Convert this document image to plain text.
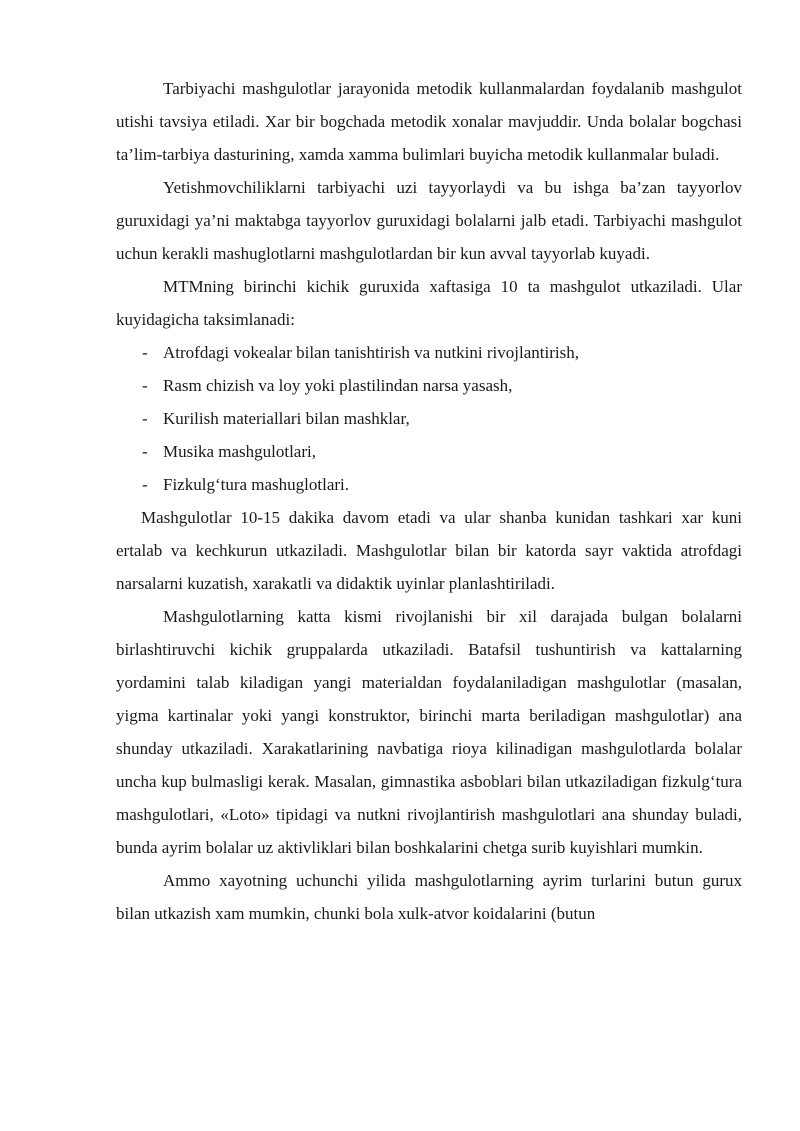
Tarbiyachi mashgulotlar jarayonida metodik kullanmalardan foydalanib mashgulot utishi tavsiya etiladi. Xar bir bogchada metodik xonalar mavjuddir. Unda bolalar bogchasi ta’lim-tarbiya dasturining, xamda xamma bulimlari buyicha metodik kullanmalar buladi.

Yetishmovchiliklarni tarbiyachi uzi tayyorlaydi va bu ishga ba’zan tayyorlov guruxidagi ya’ni maktabga tayyorlov guruxidagi bolalarni jalb etadi. Tarbiyachi mashgulot uchun kerakli mashuglotlarni mashgulotlardan bir kun avval tayyorlab kuyadi.

MTMning birinchi kichik guruxida xaftasiga 10 ta mashgulot utkaziladi. Ular kuyidagicha taksimlanadi:

- Atrofdagi vokealar bilan tanishtirish va nutkini rivojlantirish,
- Rasm chizish va loy yoki plastilindan narsa yasash,
- Kurilish materiallari bilan mashklar,
- Musika mashgulotlari,
- Fizkulg‘tura mashuglotlari.

Mashgulotlar 10-15 dakika davom etadi va ular shanba kunidan tashkari xar kuni ertalab va kechkurun utkaziladi. Mashgulotlar bilan bir katorda sayr vaktida atrofdagi narsalarni kuzatish, xarakatli va didaktik uyinlar planlashtiriladi.

Mashgulotlarning katta kismi rivojlanishi bir xil darajada bulgan bolalarni birlashtiruvchi kichik gruppalarda utkaziladi. Batafsil tushuntirish va kattalarning yordamini talab kiladigan yangi materialdan foydalaniladigan mashgulotlar (masalan, yigma kartinalar yoki yangi konstruktor, birinchi marta beriladigan mashgulotlar) ana shunday utkaziladi. Xarakatlarining navbatiga rioya kilinadigan mashgulotlarda bolalar uncha kup bulmasligi kerak. Masalan, gimnastika asboblari bilan utkaziladigan fizkulg‘tura mashgulotlari, «Loto» tipidagi va nutkni rivojlantirish mashgulotlari ana shunday buladi, bunda ayrim bolalar uz aktivliklari bilan boshkalarini chetga surib kuyishlari mumkin.

Ammo xayotning uchunchi yilida mashgulotlarning ayrim turlarini butun gurux bilan utkazish xam mumkin, chunki bola xulk-atvor koidalarini (butun
